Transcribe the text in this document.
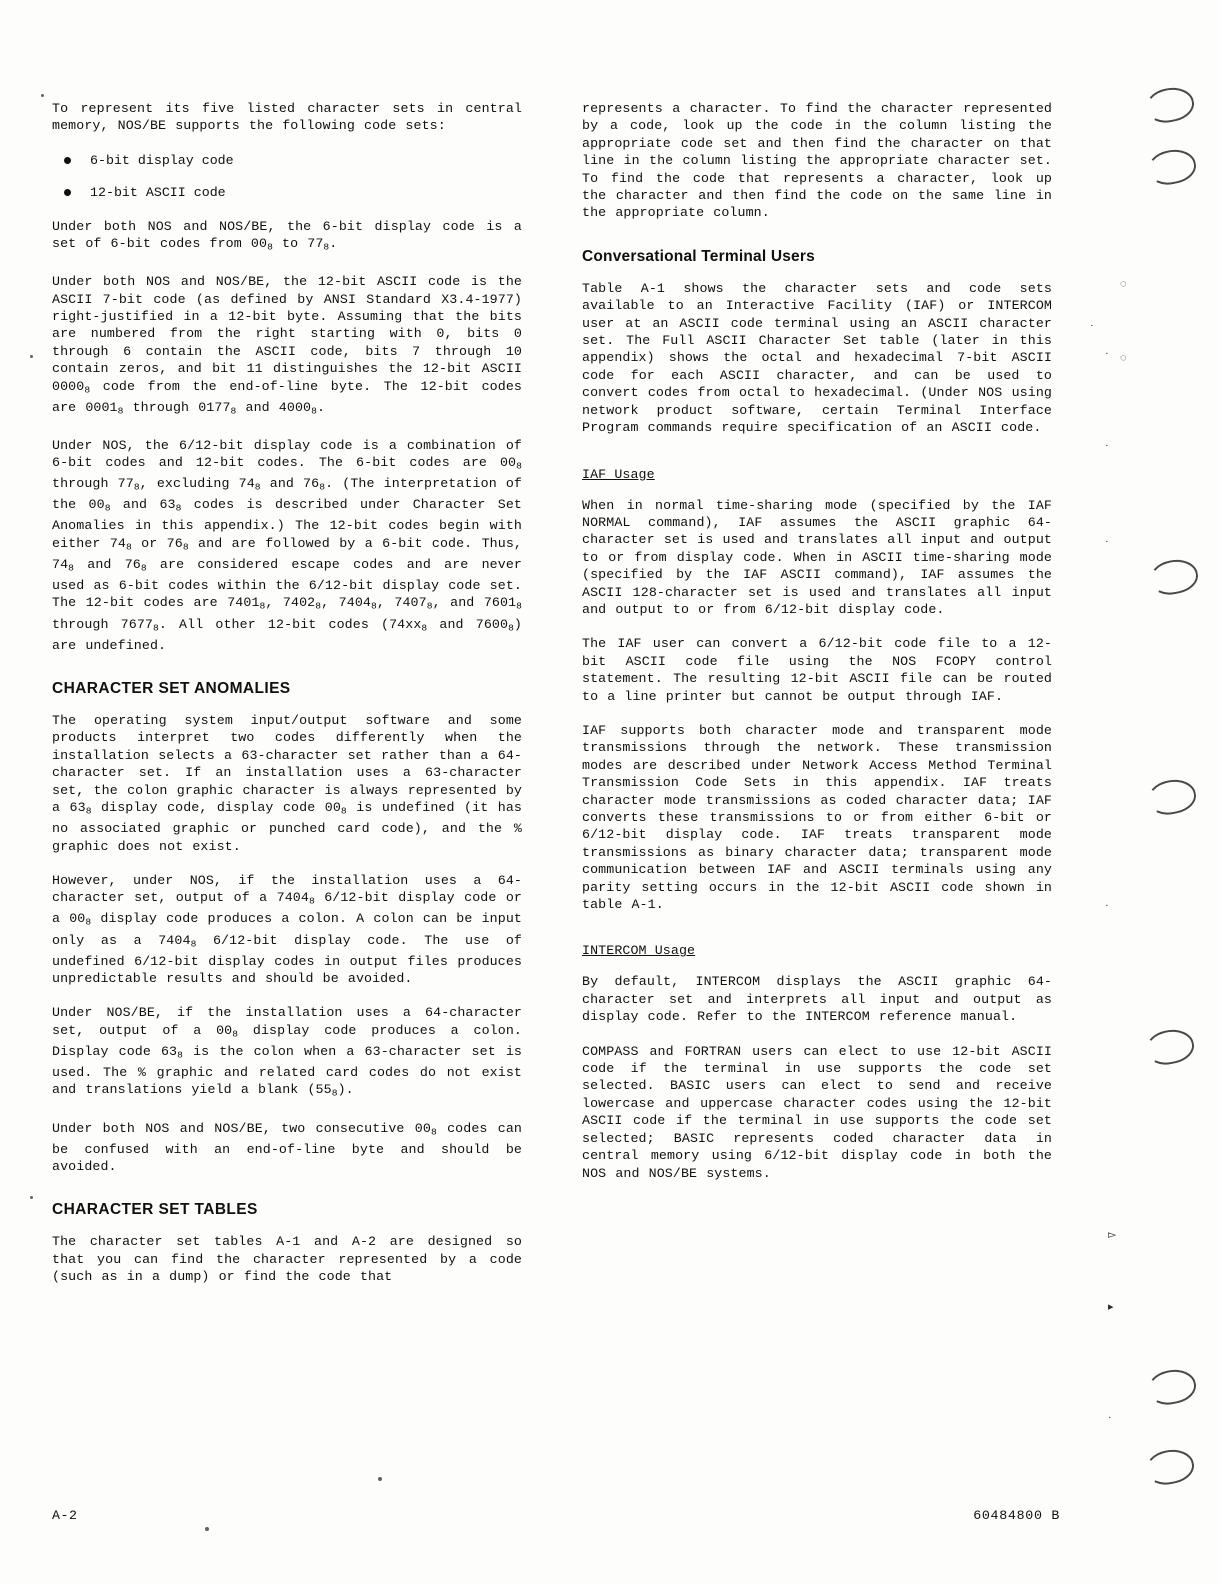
To represent its five listed character sets in central memory, NOS/BE supports the following code sets:

6-bit display code
12-bit ASCII code

Under both NOS and NOS/BE, the 6-bit display code is a set of 6-bit codes from $00_8$ to $77_8$.

Under both NOS and NOS/BE, the 12-bit ASCII code is the ASCII 7-bit code (as defined by ANSI Standard X3.4-1977) right-justified in a 12-bit byte. Assuming that the bits are numbered from the right starting with 0, bits 0 through 6 contain the ASCII code, bits 7 through 10 contain zeros, and bit 11 distinguishes the 12-bit ASCII $0000_8$ code from the end-of-line byte. The 12-bit codes are $0001_8$ through $0177_8$ and $4000_8$.

Under NOS, the 6/12-bit display code is a combination of 6-bit codes and 12-bit codes. The 6-bit codes are $00_8$ through $77_8$, excluding $74_8$ and $76_8$. (The interpretation of the $00_8$ and $63_8$ codes is described under Character Set Anomalies in this appendix.) The 12-bit codes begin with either $74_8$ or $76_8$ and are followed by a 6-bit code. Thus, $74_8$ and $76_8$ are considered escape codes and are never used as 6-bit codes within the 6/12-bit display code set. The 12-bit codes are $7401_8$, $7402_8$, $7404_8$, $7407_8$, and $7601_8$ through $7677_8$. All other 12-bit codes ($74xx_8$ and $7600_8$) are undefined.

CHARACTER SET ANOMALIES

The operating system input/output software and some products interpret two codes differently when the installation selects a 63-character set rather than a 64-character set. If an installation uses a 63-character set, the colon graphic character is always represented by a $63_8$ display code, display code $00_8$ is undefined (it has no associated graphic or punched card code), and the % graphic does not exist.

However, under NOS, if the installation uses a 64-character set, output of a $7404_8$ 6/12-bit display code or a $00_8$ display code produces a colon. A colon can be input only as a $7404_8$ 6/12-bit display code. The use of undefined 6/12-bit display codes in output files produces unpredictable results and should be avoided.

Under NOS/BE, if the installation uses a 64-character set, output of a $00_8$ display code produces a colon. Display code $63_8$ is the colon when a 63-character set is used. The % graphic and related card codes do not exist and translations yield a blank $(55_8)$.

Under both NOS and NOS/BE, two consecutive $00_8$ codes can be confused with an end-of-line byte and should be avoided.

CHARACTER SET TABLES

The character set tables A-1 and A-2 are designed so that you can find the character represented by a code (such as in a dump) or find the code that

represents a character. To find the character represented by a code, look up the code in the column listing the appropriate code set and then find the character on that line in the column listing the appropriate character set. To find the code that represents a character, look up the character and then find the code on the same line in the appropriate column.

Conversational Terminal Users

Table A-1 shows the character sets and code sets available to an Interactive Facility (IAF) or INTERCOM user at an ASCII code terminal using an ASCII character set. The Full ASCII Character Set table (later in this appendix) shows the octal and hexadecimal 7-bit ASCII code for each ASCII character, and can be used to convert codes from octal to hexadecimal. (Under NOS using network product software, certain Terminal Interface Program commands require specification of an ASCII code.

IAF Usage

When in normal time-sharing mode (specified by the IAF NORMAL command), IAF assumes the ASCII graphic 64-character set is used and translates all input and output to or from display code. When in ASCII time-sharing mode (specified by the IAF ASCII command), IAF assumes the ASCII 128-character set is used and translates all input and output to or from 6/12-bit display code.

The IAF user can convert a 6/12-bit code file to a 12-bit ASCII code file using the NOS FCOPY control statement. The resulting 12-bit ASCII file can be routed to a line printer but cannot be output through IAF.

IAF supports both character mode and transparent mode transmissions through the network. These transmission modes are described under Network Access Method Terminal Transmission Code Sets in this appendix. IAF treats character mode transmissions as coded character data; IAF converts these transmissions to or from either 6-bit or 6/12-bit display code. IAF treats transparent mode transmissions as binary character data; transparent mode communication between IAF and ASCII terminals using any parity setting occurs in the 12-bit ASCII code shown in table A-1.

INTERCOM Usage

By default, INTERCOM displays the ASCII graphic 64-character set and interprets all input and output as display code. Refer to the INTERCOM reference manual.

COMPASS and FORTRAN users can elect to use 12-bit ASCII code if the terminal in use supports the code set selected. BASIC users can elect to send and receive lowercase and uppercase character codes using the 12-bit ASCII code if the terminal in use supports the code set selected; BASIC represents coded character data in central memory using 6/12-bit display code in both the NOS and NOS/BE systems.

A-2	60484800 B
◌
◌
·
·
·
·
·
▻
▸
·
